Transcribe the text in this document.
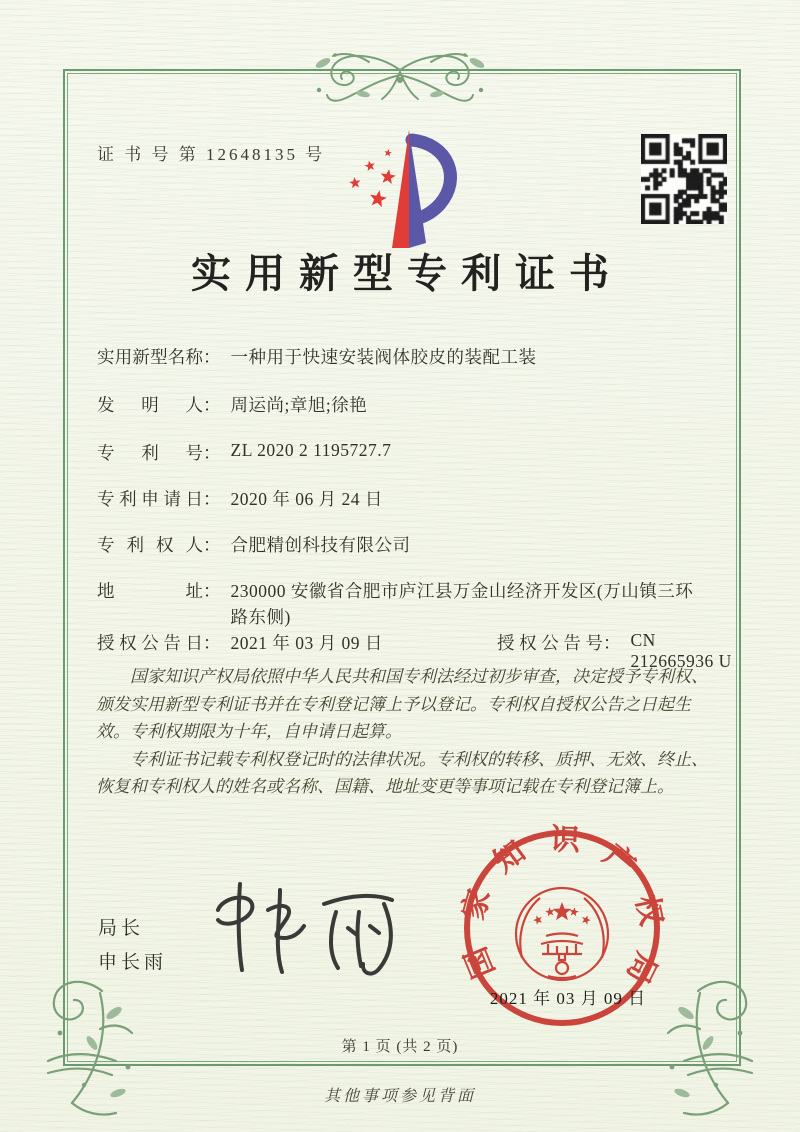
证 书 号 第 12648135 号
实用新型专利证书
实用新型名称 ： 一种用于快速安装阀体胶皮的装配工装
发明人 ： 周运尚;章旭;徐艳
专利号 ： ZL 2020 2 1195727.7
专利申请日 ： 2020 年 06 月 24 日
专利权人 ： 合肥精创科技有限公司
地址 ： 230000 安徽省合肥市庐江县万金山经济开发区(万山镇三环路东侧)
授权公告日 ： 2021 年 03 月 09 日	授权公告号 ： CN 212665936 U

国家知识产权局依照中华人民共和国专利法经过初步审查，决定授予专利权、颁发实用新型专利证书并在专利登记簿上予以登记。专利权自授权公告之日起生效。专利权期限为十年，自申请日起算。

专利证书记载专利权登记时的法律状况。专利权的转移、质押、无效、终止、恢复和专利权人的姓名或名称、国籍、地址变更等事项记载在专利登记簿上。

局长
申长雨	国家知识产权局
2021 年 03 月 09 日
第 1 页 (共 2 页)
其他事项参见背面
